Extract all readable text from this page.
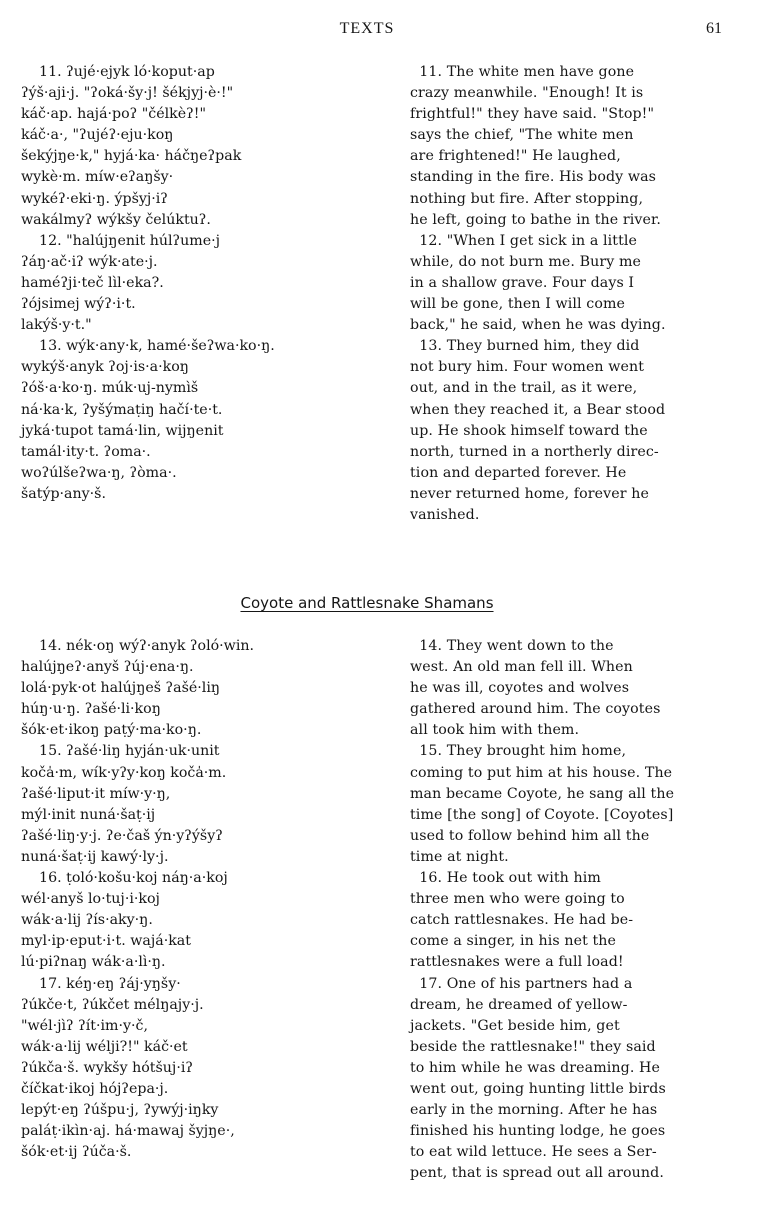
TEXTS	61
11. ʔujé·ejyk ló·koput·ap
ʔýš·aji·j. "ʔoká·šy·j! šékjyj·è·!"
káč·ap. hajá·poʔ "čélkèʔ!"
káč·a·, "ʔujéʔ·eju·koŋ
šekýjŋe·k," hyjá·ka· háčŋeʔpak
wykè·m. míw·eʔaŋšy·
wykéʔ·eki·ŋ. ýpšyj·iʔ
wakálmyʔ wýkšy čelúktuʔ.
12. "halújŋenit húlʔume·j
ʔáŋ·ač·iʔ wýk·ate·j.
haméʔji·teč lìl·eka?.
ʔójsimej wýʔ·i·t.
lakýš·y·t."
13. wýk·any·k, hamé·šeʔwa·ko·ŋ.
wykýš·anyk ʔoj·is·a·koŋ
ʔóš·a·ko·ŋ. múk·uj-nymìš
ná·ka·k, ʔyšýmaṭiŋ hačí·te·t.
jyká·tupot tamá·lin, wijŋenit
tamál·ity·t. ʔoma·.
woʔúlšeʔwa·ŋ, ʔòma·.
šatýp·any·š.
11. The white men have gone
crazy meanwhile. "Enough! It is
frightful!" they have said. "Stop!"
says the chief, "The white men
are frightened!" He laughed,
standing in the fire. His body was
nothing but fire. After stopping,
he left, going to bathe in the river.
12. "When I get sick in a little
while, do not burn me. Bury me
in a shallow grave. Four days I
will be gone, then I will come
back," he said, when he was dying.
13. They burned him, they did
not bury him. Four women went
out, and in the trail, as it were,
when they reached it, a Bear stood
up. He shook himself toward the
north, turned in a northerly direc-
tion and departed forever. He
never returned home, forever he
vanished.
Coyote and Rattlesnake Shamans
14. nék·oŋ wýʔ·anyk ʔoló·win.
halújŋeʔ·anyš ʔúj·ena·ŋ.
lolá·pyk·ot halújŋeš ʔašé·liŋ
húŋ·u·ŋ. ʔašé·li·koŋ
šók·et·ikoŋ paṭý·ma·ko·ŋ.
15. ʔašé·liŋ hyján·uk·unit
koča̍·m, wík·yʔy·koŋ koča̍·m.
ʔašé·liput·it míw·y·ŋ,
mýl·init nuná·šaṭ·ij
ʔašé·liŋ·y·j. ʔe·čaš ýn·yʔýšyʔ
nuná·šaṭ·ij kawý·ly·j.
16. ṭoló·košu·koj náŋ·a·koj
wél·anyš lo·tuj·i·koj
wák·a·lij ʔís·aky·ŋ.
myl·ip·eput·i·t. wajá·kat
lú·piʔnaŋ wák·a·lì·ŋ.
17. kéŋ·eŋ ʔáj·yŋšy·
ʔúkče·t, ʔúkčet mélŋajy·j.
"wél·jìʔ ʔít·im·y·č,
wák·a·lij wélji?!" káč·et
ʔúkča·š. wykšy hótšuj·iʔ
číčkat·ikoj hójʔepa·j.
lepýt·eŋ ʔúšpu·j, ʔywýj·iŋky
paláṭ·ikìn·aj. há·mawaj šyjŋe·,
šók·et·ij ʔúča·š.
14. They went down to the
west. An old man fell ill. When
he was ill, coyotes and wolves
gathered around him. The coyotes
all took him with them.
15. They brought him home,
coming to put him at his house. The
man became Coyote, he sang all the
time [the song] of Coyote. [Coyotes]
used to follow behind him all the
time at night.
16. He took out with him
three men who were going to
catch rattlesnakes. He had be-
come a singer, in his net the
rattlesnakes were a full load!
17. One of his partners had a
dream, he dreamed of yellow-
jackets. "Get beside him, get
beside the rattlesnake!" they said
to him while he was dreaming. He
went out, going hunting little birds
early in the morning. After he has
finished his hunting lodge, he goes
to eat wild lettuce. He sees a Ser-
pent, that is spread out all around.
